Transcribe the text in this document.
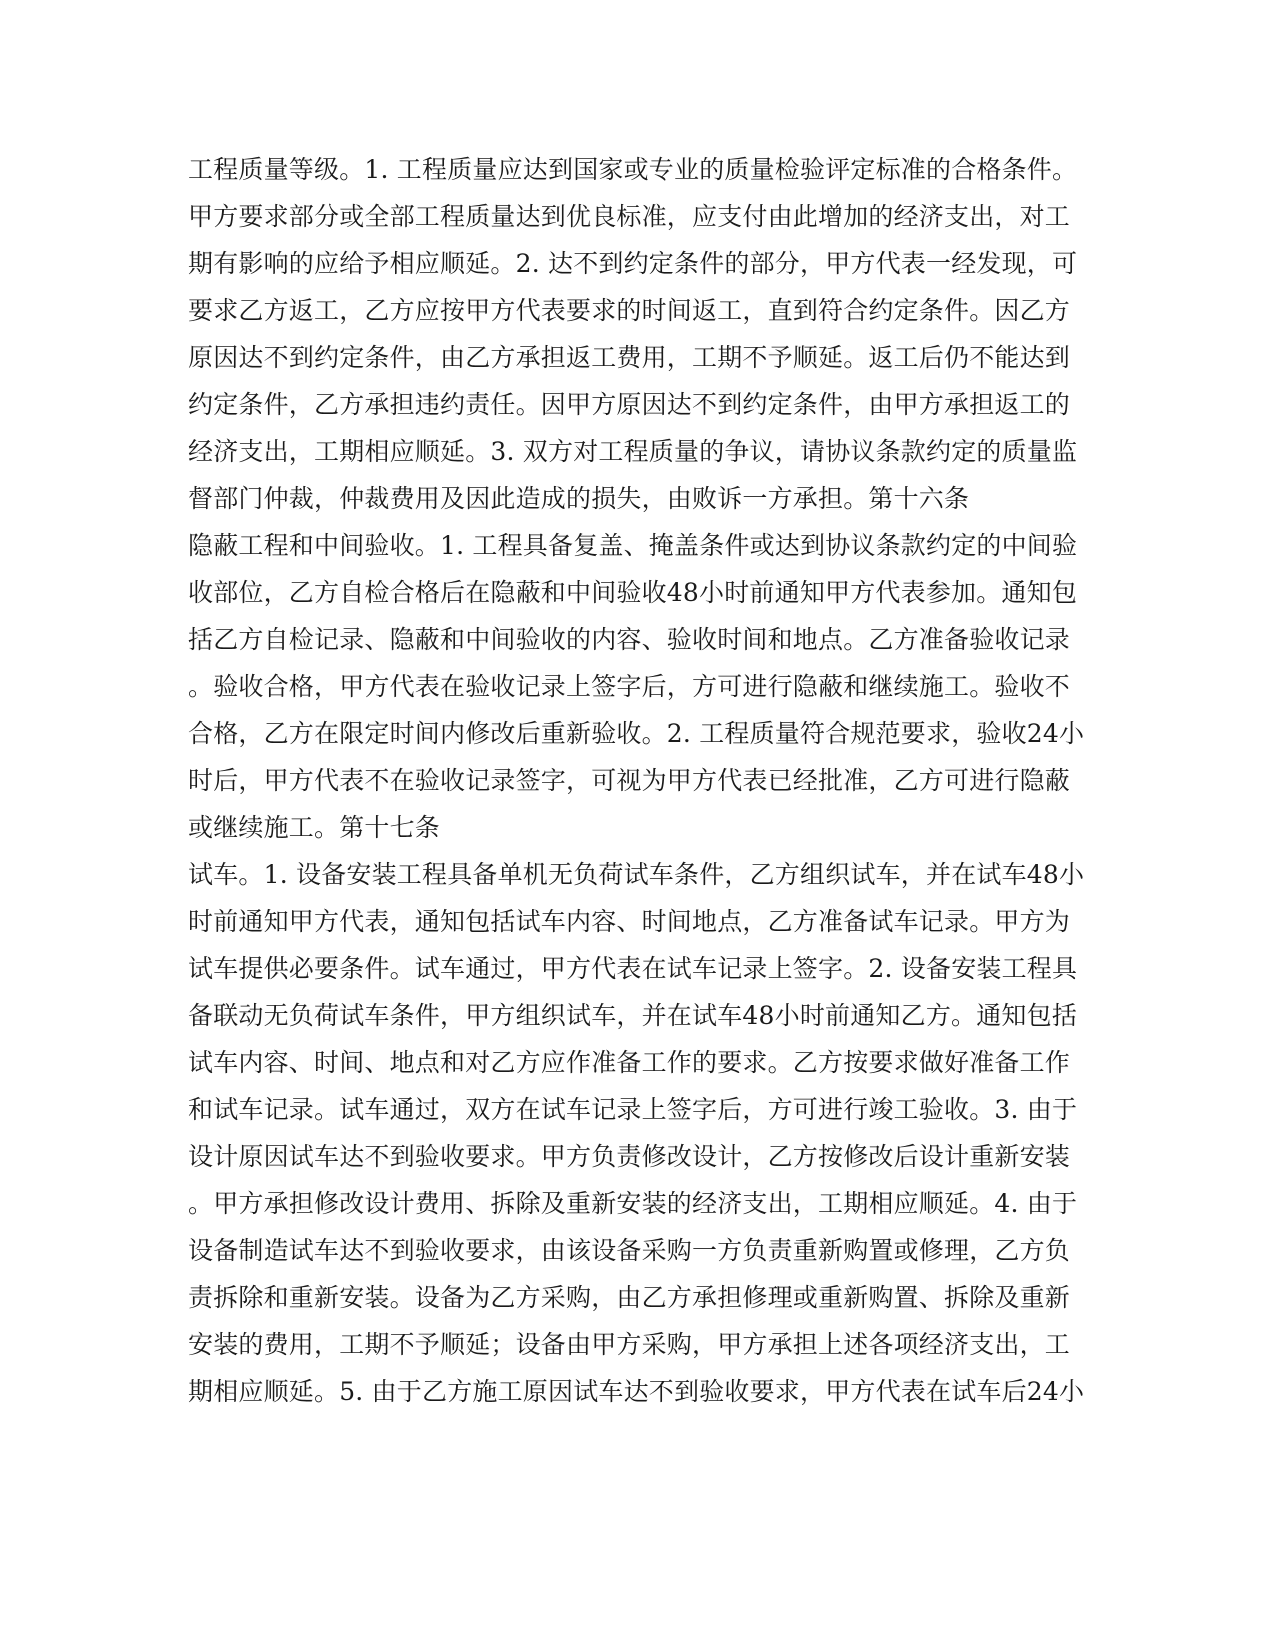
工程质量等级。1. 工程质量应达到国家或专业的质量检验评定标准的合格条件。
甲方要求部分或全部工程质量达到优良标准，应支付由此增加的经济支出，对工
期有影响的应给予相应顺延。2. 达不到约定条件的部分，甲方代表一经发现，可
要求乙方返工，乙方应按甲方代表要求的时间返工，直到符合约定条件。因乙方
原因达不到约定条件，由乙方承担返工费用，工期不予顺延。返工后仍不能达到
约定条件，乙方承担违约责任。因甲方原因达不到约定条件，由甲方承担返工的
经济支出，工期相应顺延。3. 双方对工程质量的争议，请协议条款约定的质量监
督部门仲裁，仲裁费用及因此造成的损失，由败诉一方承担。第十六条
隐蔽工程和中间验收。1. 工程具备复盖、掩盖条件或达到协议条款约定的中间验
收部位，乙方自检合格后在隐蔽和中间验收48小时前通知甲方代表参加。通知包
括乙方自检记录、隐蔽和中间验收的内容、验收时间和地点。乙方准备验收记录
。验收合格，甲方代表在验收记录上签字后，方可进行隐蔽和继续施工。验收不
合格，乙方在限定时间内修改后重新验收。2. 工程质量符合规范要求，验收24小
时后，甲方代表不在验收记录签字，可视为甲方代表已经批准，乙方可进行隐蔽
或继续施工。第十七条
试车。1. 设备安装工程具备单机无负荷试车条件，乙方组织试车，并在试车48小
时前通知甲方代表，通知包括试车内容、时间地点，乙方准备试车记录。甲方为
试车提供必要条件。试车通过，甲方代表在试车记录上签字。2. 设备安装工程具
备联动无负荷试车条件，甲方组织试车，并在试车48小时前通知乙方。通知包括
试车内容、时间、地点和对乙方应作准备工作的要求。乙方按要求做好准备工作
和试车记录。试车通过，双方在试车记录上签字后，方可进行竣工验收。3. 由于
设计原因试车达不到验收要求。甲方负责修改设计，乙方按修改后设计重新安装
。甲方承担修改设计费用、拆除及重新安装的经济支出，工期相应顺延。4. 由于
设备制造试车达不到验收要求，由该设备采购一方负责重新购置或修理，乙方负
责拆除和重新安装。设备为乙方采购，由乙方承担修理或重新购置、拆除及重新
安装的费用，工期不予顺延；设备由甲方采购，甲方承担上述各项经济支出，工
期相应顺延。5. 由于乙方施工原因试车达不到验收要求，甲方代表在试车后24小
